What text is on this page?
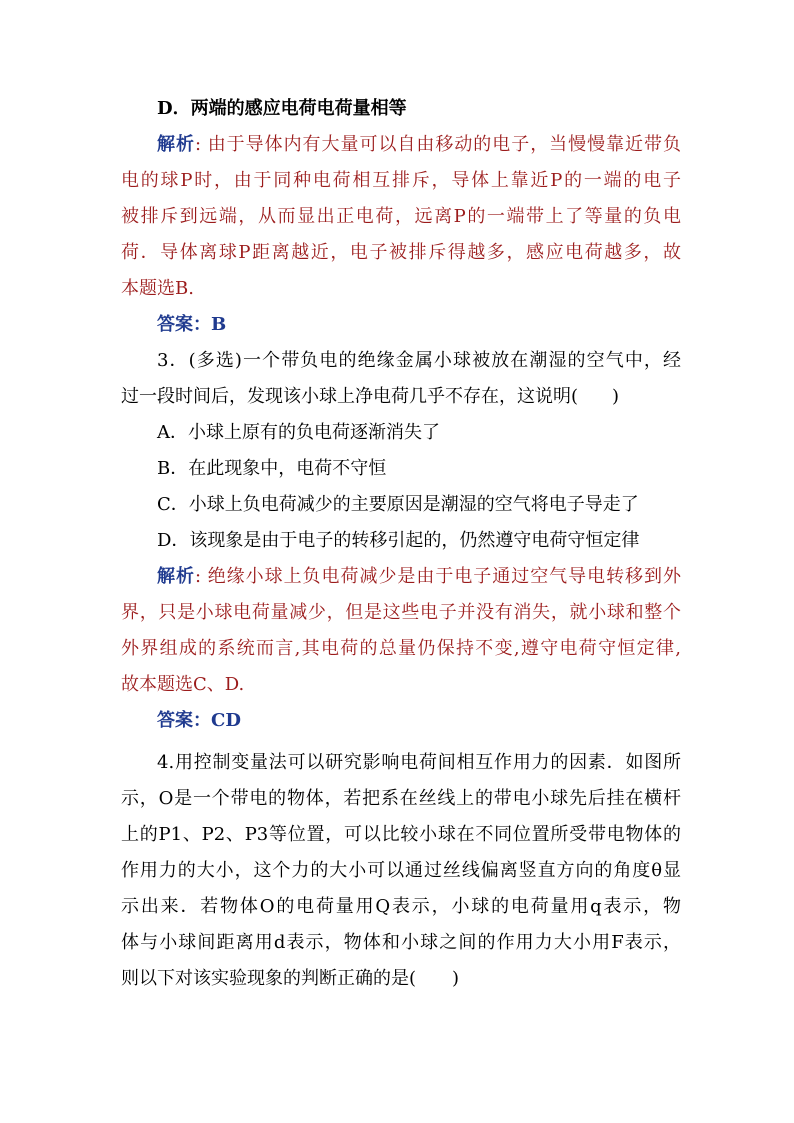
D．两端的感应电荷电荷量相等
解析: 由于导体内有大量可以自由移动的电子，当慢慢靠近带负
电的球P时，由于同种电荷相互排斥，导体上靠近P的一端的电子
被排斥到远端，从而显出正电荷，远离P的一端带上了等量的负电
荷．导体离球P距离越近，电子被排斥得越多，感应电荷越多，故
本题选B.
答案：B
3．(多选)一个带负电的绝缘金属小球被放在潮湿的空气中，经
过一段时间后，发现该小球上净电荷几乎不存在，这说明( )
A．小球上原有的负电荷逐渐消失了
B．在此现象中，电荷不守恒
C．小球上负电荷减少的主要原因是潮湿的空气将电子导走了
D．该现象是由于电子的转移引起的，仍然遵守电荷守恒定律
解析: 绝缘小球上负电荷减少是由于电子通过空气导电转移到外
界，只是小球电荷量减少，但是这些电子并没有消失，就小球和整个
外界组成的系统而言,其电荷的总量仍保持不变,遵守电荷守恒定律,
故本题选C、D.
答案：CD
4.用控制变量法可以研究影响电荷间相互作用力的因素．如图所
示，O是一个带电的物体，若把系在丝线上的带电小球先后挂在横杆
上的P1、P2、P3等位置，可以比较小球在不同位置所受带电物体的
作用力的大小，这个力的大小可以通过丝线偏离竖直方向的角度θ显
示出来．若物体O的电荷量用Q表示，小球的电荷量用q表示，物
体与小球间距离用d表示，物体和小球之间的作用力大小用F表示，
则以下对该实验现象的判断正确的是(　　)
